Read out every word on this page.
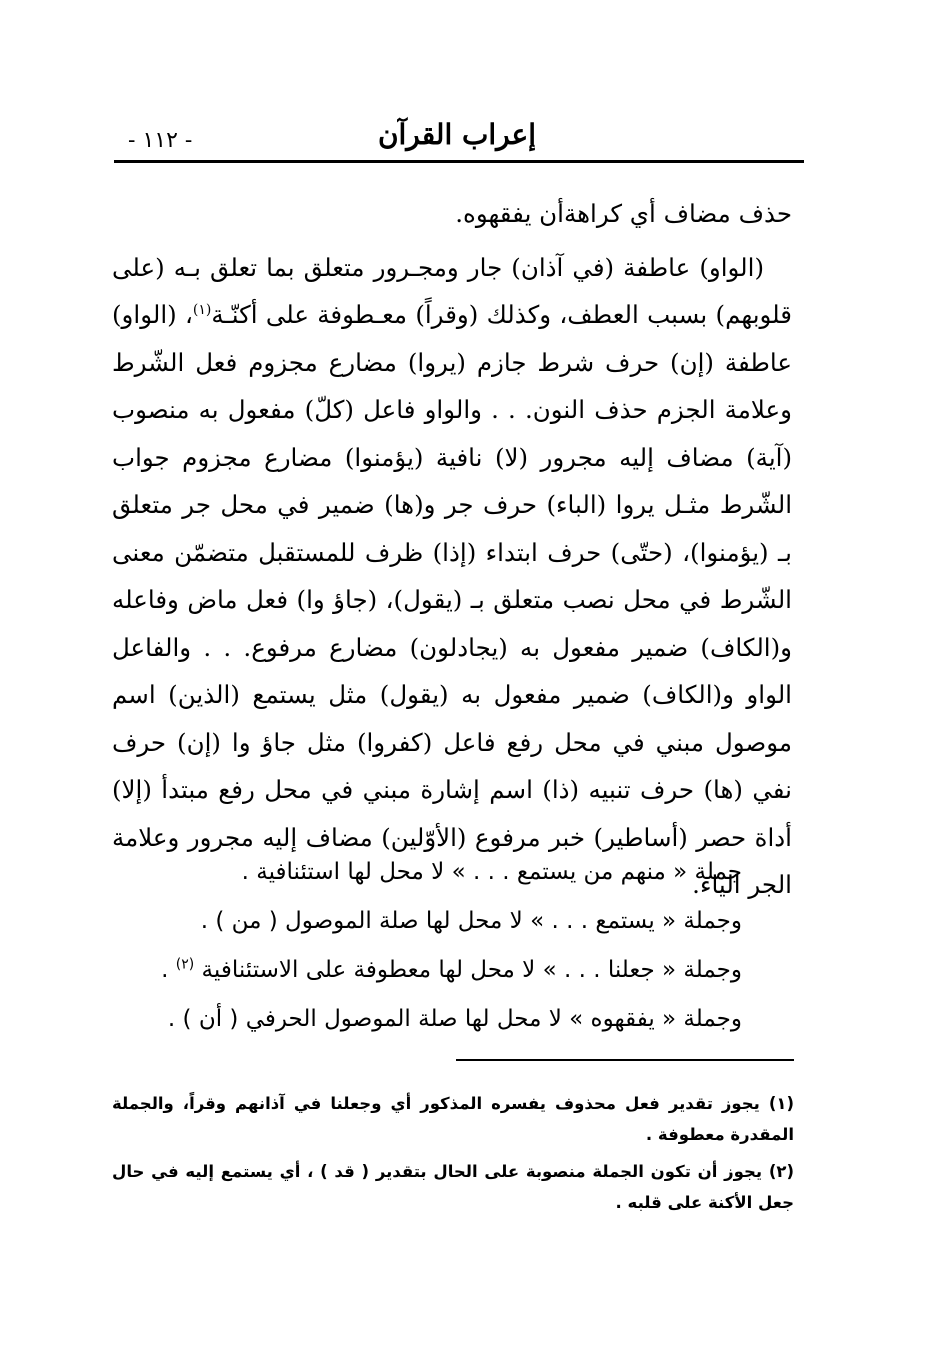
- ١١٢ -	إعراب القرآن

حذف مضاف أي كراهةأن يفقهوه.

(الواو) عاطفة (في آذان) جار ومجـرور متعلق بما تعلق بـه (على قلوبهم) بسبب العطف، وكذلك (وقراً) معـطوفة على أكنّـة$^{(١)}$، (الواو) عاطفة (إن) حرف شرط جازم (يروا) مضارع مجزوم فعل الشّرط وعلامة الجزم حذف النون. . . والواو فاعل (كلّ) مفعول به منصوب (آية) مضاف إليه مجرور (لا) نافية (يؤمنوا) مضارع مجزوم جواب الشّرط مثـل يروا (الباء) حرف جر و(ها) ضمير في محل جر متعلق بـ (يؤمنوا)، (حتّى) حرف ابتداء (إذا) ظرف للمستقبل متضمّن معنى الشّرط في محل نصب متعلق بـ (يقول)، (جاؤ وا) فعل ماض وفاعله و(الكاف) ضمير مفعول به (يجادلون) مضارع مرفوع. . . والفاعل الواو و(الكاف) ضمير مفعول به (يقول) مثل يستمع (الذين) اسم موصول مبني في محل رفع فاعل (كفروا) مثل جاؤ وا (إن) حرف نفي (ها) حرف تنبيه (ذا) اسم إشارة مبني في محل رفع مبتدأ (إلا) أداة حصر (أساطير) خبر مرفوع (الأوّلين) مضاف إليه مجرور وعلامة الجر الياء.

جملة « منهم من يستمع . . . » لا محل لها استئنافية .
وجملة « يستمع . . . » لا محل لها صلة الموصول ( من ) .
وجملة « جعلنا . . . » لا محل لها معطوفة على الاستئنافية $^{(٢)}$ .
وجملة « يفقهوه » لا محل لها صلة الموصول الحرفي ( أن ) .

(١) يجوز تقدير فعل محذوف يفسره المذكور أي وجعلنا في آذانهم وقراً، والجملة المقدرة معطوفة .

(٢) يجوز أن تكون الجملة منصوبة على الحال بتقدير ( قد ) ، أي يستمع إليه في حال جعل الأكنة على قلبه .
